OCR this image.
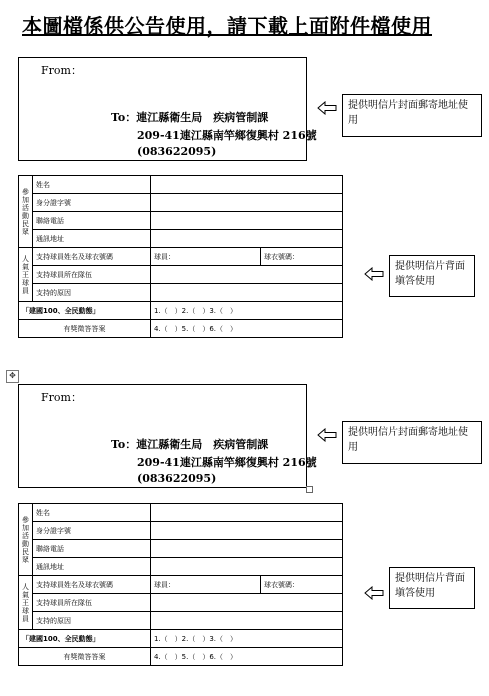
本圖檔係供公告使用，請下載上面附件檔使用
From：
To：連江縣衛生局　疾病管制課
209-41連江縣南竿鄉復興村 216號
(083622095)
提供明信片封面郵寄地址使用
參加活動民眾	姓名		
	身分證字號		
	聯絡電話		
	通訊地址		

人氣王球員	支持球員姓名及球衣號碼	球員：	球衣號碼：
	支持球員所在隊伍		
	支持的原因		
「建國100、全民動態」		1.（　）2.（　）3.（　）	
有獎徵答答案		4.（　）5.（　）6.（　）	
提供明信片背面塡答使用
✥
From：
To：連江縣衛生局　疾病管制課
209-41連江縣南竿鄉復興村 216號
(083622095)
提供明信片封面郵寄地址使用
參加活動民眾	姓名		
	身分證字號		
	聯絡電話		
	通訊地址		

人氣王球員	支持球員姓名及球衣號碼	球員：	球衣號碼：
	支持球員所在隊伍		
	支持的原因		
「建國100、全民動態」		1.（　）2.（　）3.（　）	
有獎徵答答案		4.（　）5.（　）6.（　）	
提供明信片背面塡答使用
